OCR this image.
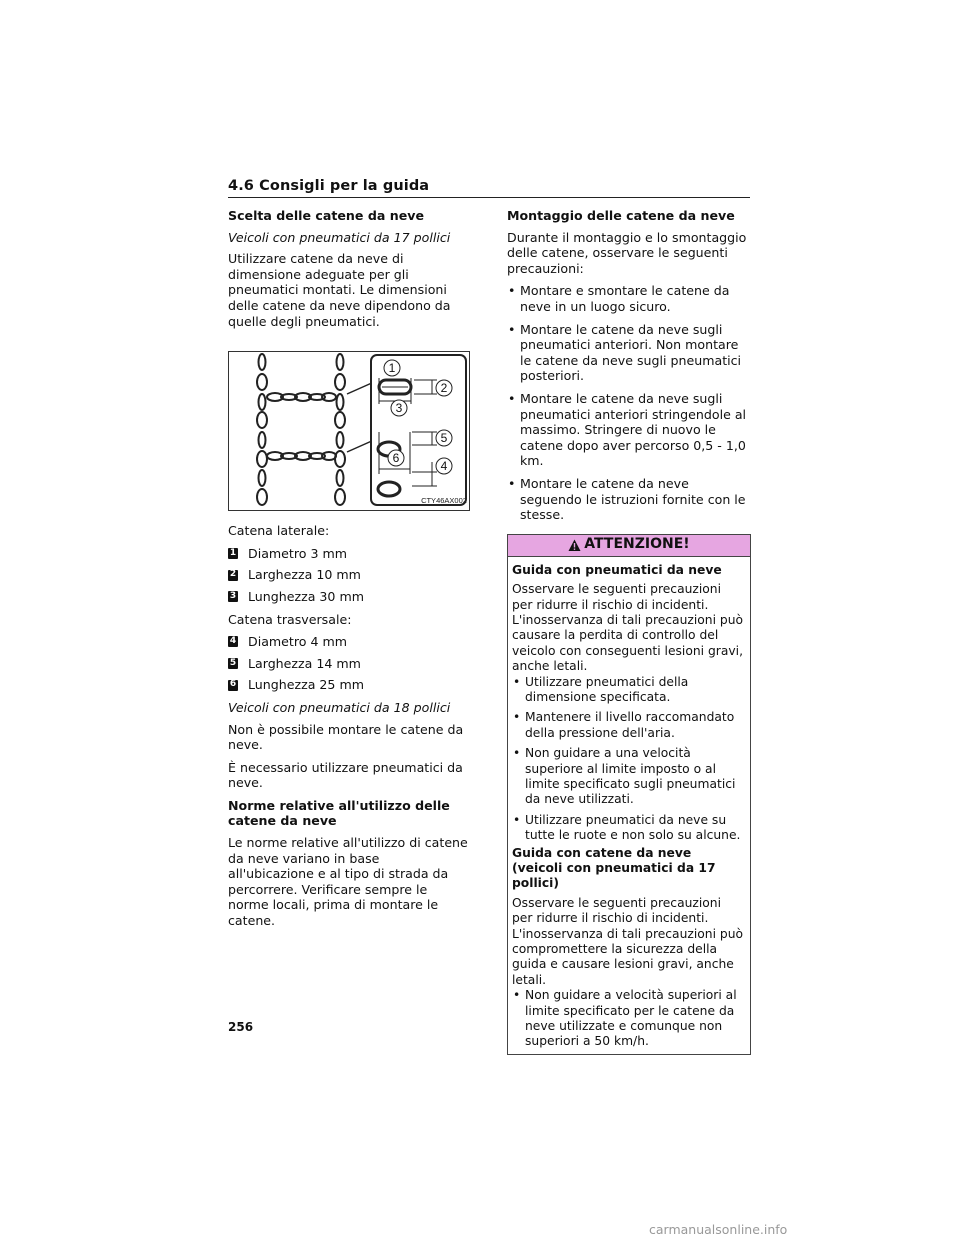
4.6 Consigli per la guida
Scelta delle catene da neve
Veicoli con pneumatici da 17 pollici
Utilizzare catene da neve di dimensione adeguate per gli pneumatici montati. Le dimensioni delle catene da neve dipendono da quelle degli pneumatici.
1
2
3
5
6
4
CTY46AX002
Catena laterale:
1 Diametro 3 mm
2 Larghezza 10 mm
3 Lunghezza 30 mm
Catena trasversale:
4 Diametro 4 mm
5 Larghezza 14 mm
6 Lunghezza 25 mm
Veicoli con pneumatici da 18 pollici
Non è possibile montare le catene da neve.
È necessario utilizzare pneumatici da neve.
Norme relative all'utilizzo delle catene da neve
Le norme relative all'utilizzo di catene da neve variano in base all'ubicazione e al tipo di strada da percorrere. Verificare sempre le norme locali, prima di montare le catene.
Montaggio delle catene da neve
Durante il montaggio e lo smontaggio delle catene, osservare le seguenti precauzioni:
• Montare e smontare le catene da neve in un luogo sicuro.
• Montare le catene da neve sugli pneumatici anteriori. Non montare le catene da neve sugli pneumatici posteriori.
• Montare le catene da neve sugli pneumatici anteriori stringendole al massimo. Stringere di nuovo le catene dopo aver percorso 0,5 - 1,0 km.
• Montare le catene da neve seguendo le istruzioni fornite con le stesse.
ATTENZIONE!
Guida con pneumatici da neve
Osservare le seguenti precauzioni per ridurre il rischio di incidenti. L'inosservanza di tali precauzioni può causare la perdita di controllo del veicolo con conseguenti lesioni gravi, anche letali.
• Utilizzare pneumatici della dimensione specificata.
• Mantenere il livello raccomandato della pressione dell'aria.
• Non guidare a una velocità superiore al limite imposto o al limite specificato sugli pneumatici da neve utilizzati.
• Utilizzare pneumatici da neve su tutte le ruote e non solo su alcune.
Guida con catene da neve (veicoli con pneumatici da 17 pollici)
Osservare le seguenti precauzioni per ridurre il rischio di incidenti. L'inosservanza di tali precauzioni può compromettere la sicurezza della guida e causare lesioni gravi, anche letali.
• Non guidare a velocità superiori al limite specificato per le catene da neve utilizzate e comunque non superiori a 50 km/h.
256
carmanualsonline.info
